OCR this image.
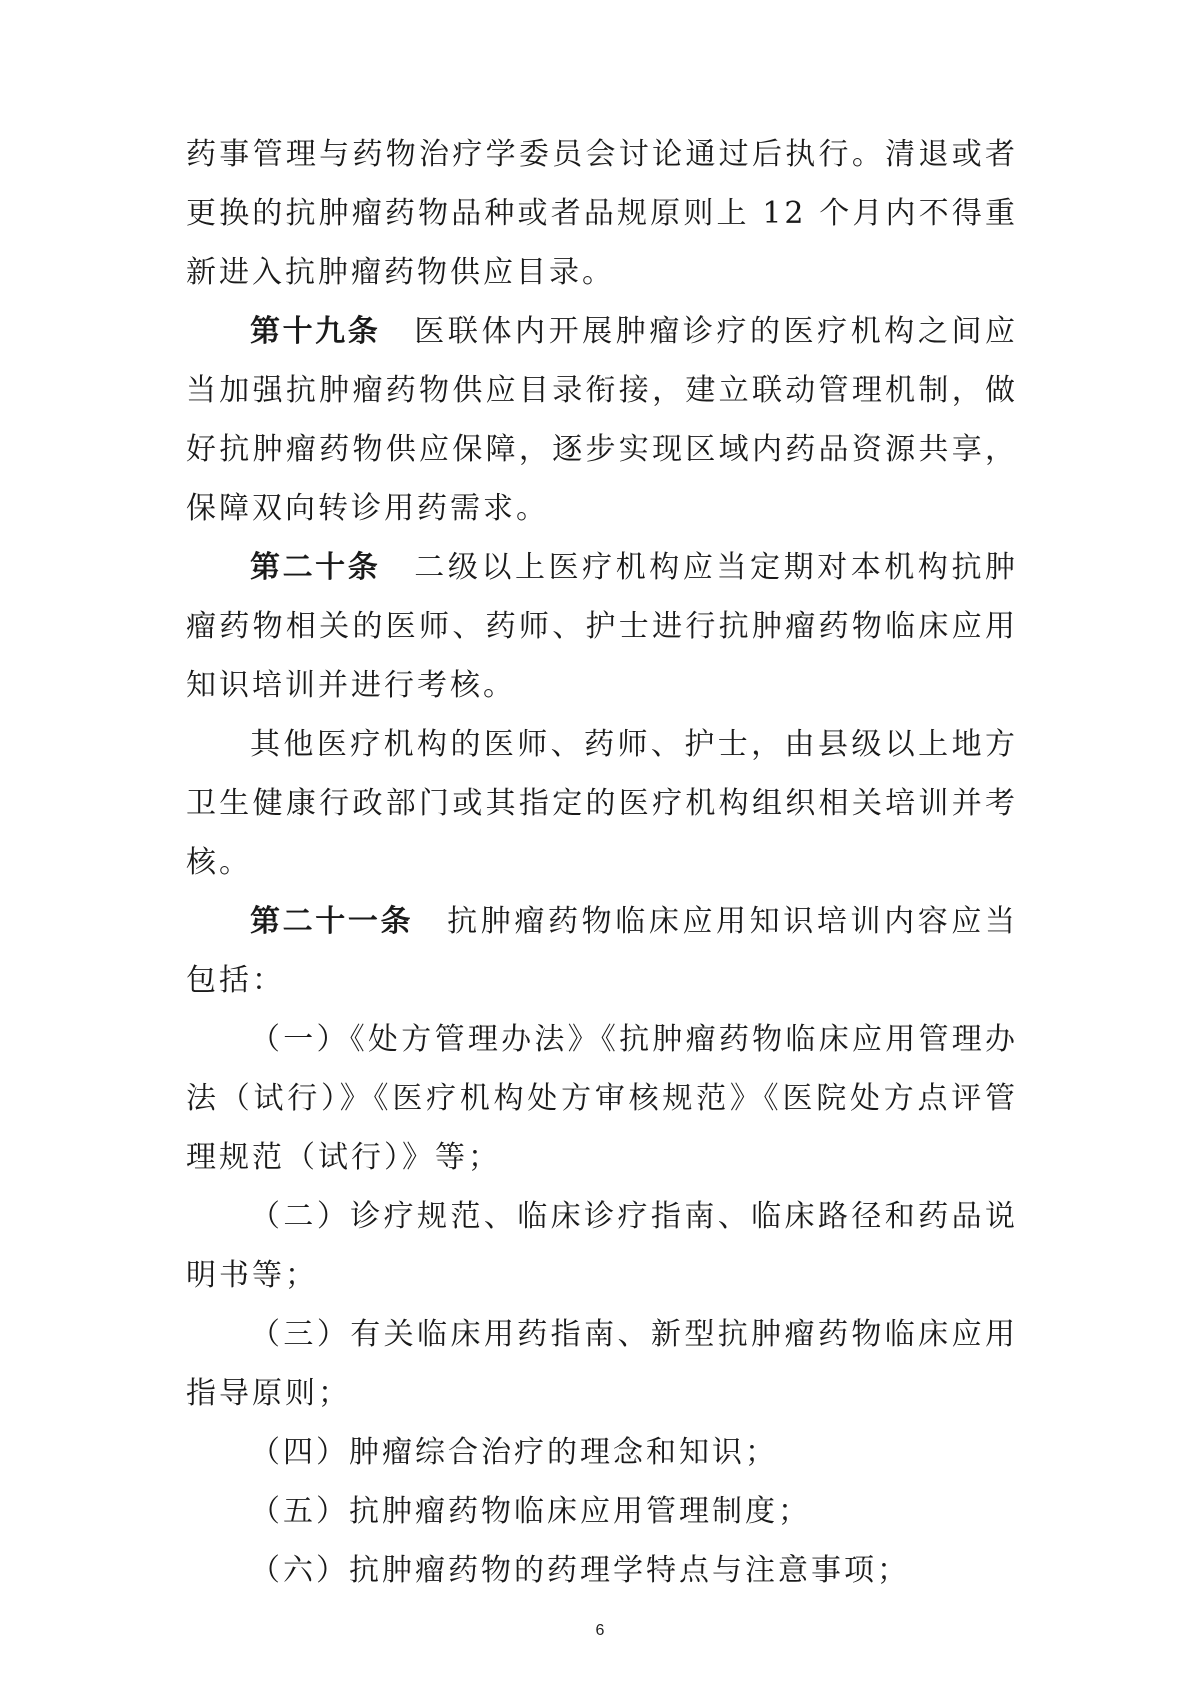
药事管理与药物治疗学委员会讨论通过后执行。清退或者更换的抗肿瘤药物品种或者品规原则上 12 个月内不得重新进入抗肿瘤药物供应目录。

第十九条 医联体内开展肿瘤诊疗的医疗机构之间应当加强抗肿瘤药物供应目录衔接，建立联动管理机制，做好抗肿瘤药物供应保障，逐步实现区域内药品资源共享，保障双向转诊用药需求。

第二十条 二级以上医疗机构应当定期对本机构抗肿瘤药物相关的医师、药师、护士进行抗肿瘤药物临床应用知识培训并进行考核。

其他医疗机构的医师、药师、护士，由县级以上地方卫生健康行政部门或其指定的医疗机构组织相关培训并考核。

第二十一条 抗肿瘤药物临床应用知识培训内容应当包括：

（一）《处方管理办法》《抗肿瘤药物临床应用管理办法（试行）》《医疗机构处方审核规范》《医院处方点评管理规范（试行）》等；

（二）诊疗规范、临床诊疗指南、临床路径和药品说明书等；

（三）有关临床用药指南、新型抗肿瘤药物临床应用指导原则；

（四）肿瘤综合治疗的理念和知识；

（五）抗肿瘤药物临床应用管理制度；

（六）抗肿瘤药物的药理学特点与注意事项；

6
